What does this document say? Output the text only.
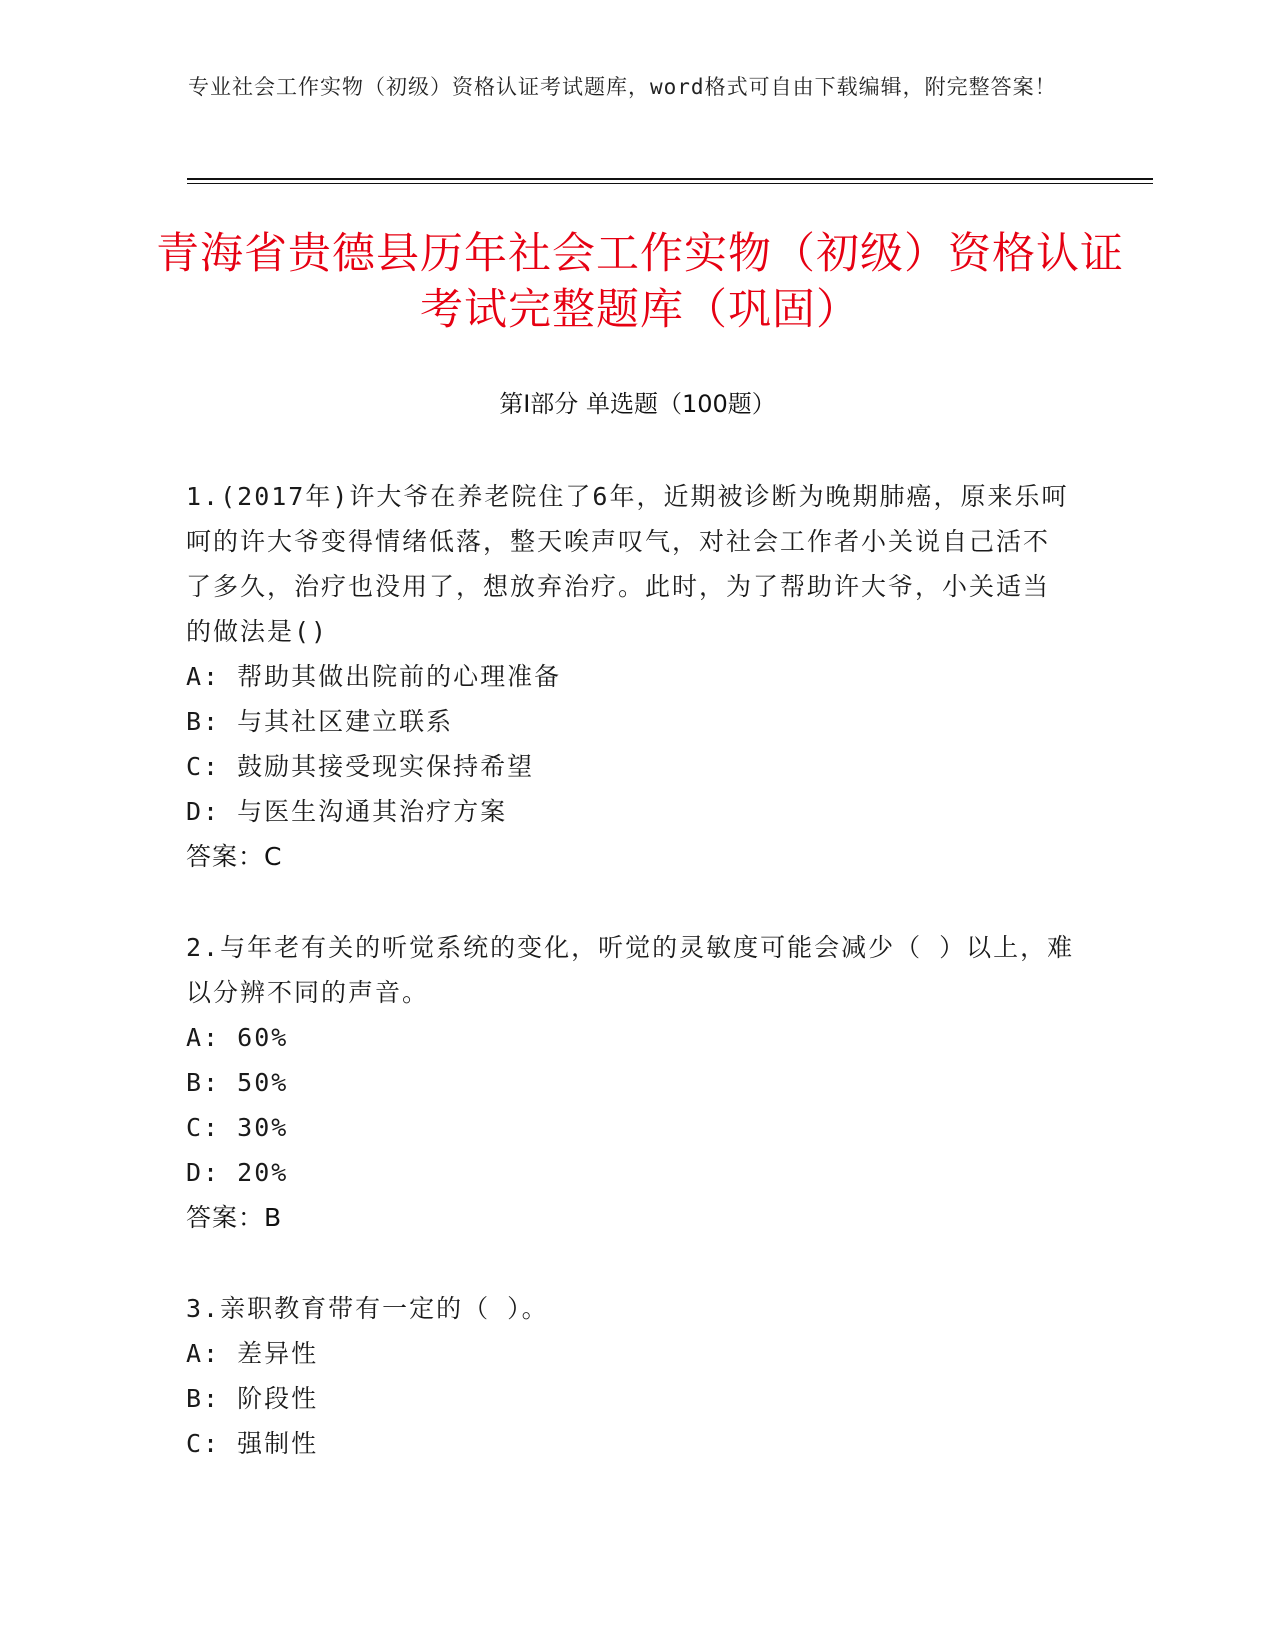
专业社会工作实物（初级）资格认证考试题库，word格式可自由下载编辑，附完整答案！
青海省贵德县历年社会工作实物（初级）资格认证考试完整题库（巩固）
第Ⅰ部分 单选题（100题）
1.(2017年)许大爷在养老院住了6年，近期被诊断为晚期肺癌，原来乐呵呵的许大爷变得情绪低落，整天唉声叹气，对社会工作者小关说自己活不了多久，治疗也没用了，想放弃治疗。此时，为了帮助许大爷，小关适当的做法是()
A: 帮助其做出院前的心理准备
B: 与其社区建立联系
C: 鼓励其接受现实保持希望
D: 与医生沟通其治疗方案
答案：C
2.与年老有关的听觉系统的变化，听觉的灵敏度可能会减少（ ）以上，难以分辨不同的声音。
A: 60%
B: 50%
C: 30%
D: 20%
答案：B
3.亲职教育带有一定的（ ）。
A: 差异性
B: 阶段性
C: 强制性
